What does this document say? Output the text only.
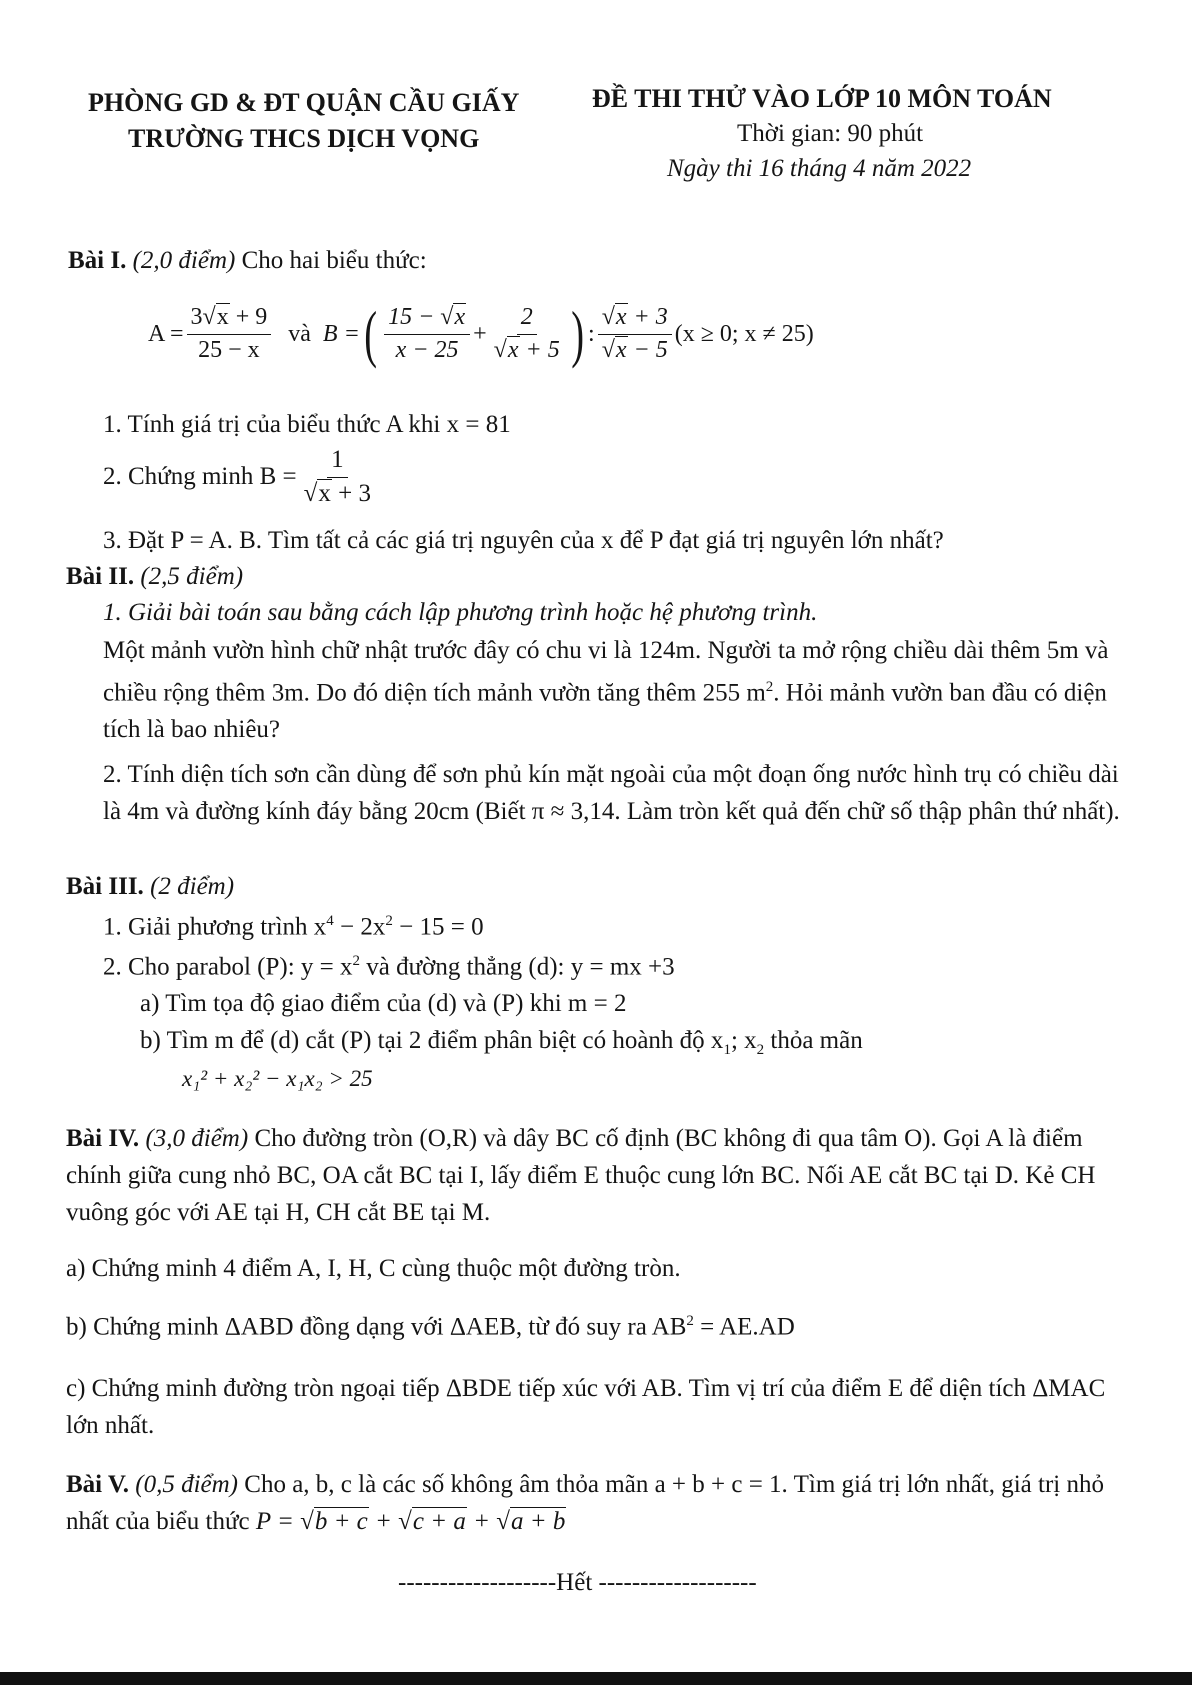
PHÒNG GD & ĐT QUẬN CẦU GIẤY
TRƯỜNG THCS DỊCH VỌNG
ĐỀ THI THỬ VÀO LỚP 10 MÔN TOÁN
Thời gian: 90 phút
Ngày thi 16 tháng 4 năm 2022
Bài I. (2,0 điểm) Cho hai biểu thức:
$A = \frac{3√x + 9}{25 - x}$ và B = ( $\frac{15 - √x}{x - 25} + \frac{2}{√x + 5}$ ) : $\frac{√x + 3}{√x - 5} (x \ge 0$; x ≠ 25)
1. Tính giá trị của biểu thức A khi x = 81
2. Chứng minh $B = \frac{1}{√x + 3}$
3. Đặt P = A. B. Tìm tất cả các giá trị nguyên của x để P đạt giá trị nguyên lớn nhất?
Bài II. (2,5 điểm)
1. Giải bài toán sau bằng cách lập phương trình hoặc hệ phương trình.
Một mảnh vườn hình chữ nhật trước đây có chu vi là 124m. Người ta mở rộng chiều dài thêm 5m và chiều rộng thêm 3m. Do đó diện tích mảnh vườn tăng thêm 255 $m^2$. Hỏi mảnh vườn ban đầu có diện tích là bao nhiêu?
2. Tính diện tích sơn cần dùng để sơn phủ kín mặt ngoài của một đoạn ống nước hình trụ có chiều dài là 4m và đường kính đáy bằng 20cm (Biết π ≈ 3,14. Làm tròn kết quả đến chữ số thập phân thứ nhất).
Bài III. (2 điểm)
1. Giải phương trình $x^4 - 2x^2 - 15 = 0$
2. Cho parabol (P): $y = x^2$ và đường thẳng (d): y = mx +3
a) Tìm tọa độ giao điểm của (d) và (P) khi m = 2
b) Tìm m để (d) cắt (P) tại 2 điểm phân biệt có hoành độ $x_1$; $x_2$ thỏa mãn
x₁² + x₂² − x₁x₂ > 25
Bài IV. (3,0 điểm) Cho đường tròn (O,R) và dây BC cố định (BC không đi qua tâm O). Gọi A là điểm chính giữa cung nhỏ BC, OA cắt BC tại I, lấy điểm E thuộc cung lớn BC. Nối AE cắt BC tại D. Kẻ CH vuông góc với AE tại H, CH cắt BE tại M.
a) Chứng minh 4 điểm A, I, H, C cùng thuộc một đường tròn.
b) Chứng minh ΔABD đồng dạng với ΔAEB, từ đó suy ra $AB^2 = AE.AD$
c) Chứng minh đường tròn ngoại tiếp ΔBDE tiếp xúc với AB. Tìm vị trí của điểm E để diện tích ΔMAC lớn nhất.
Bài V. (0,5 điểm) Cho a, b, c là các số không âm thỏa mãn a + b + c = 1. Tìm giá trị lớn nhất, giá trị nhỏ nhất của biểu thức P = √b + c + √c + a + √a + b
-------------------Hết -------------------
